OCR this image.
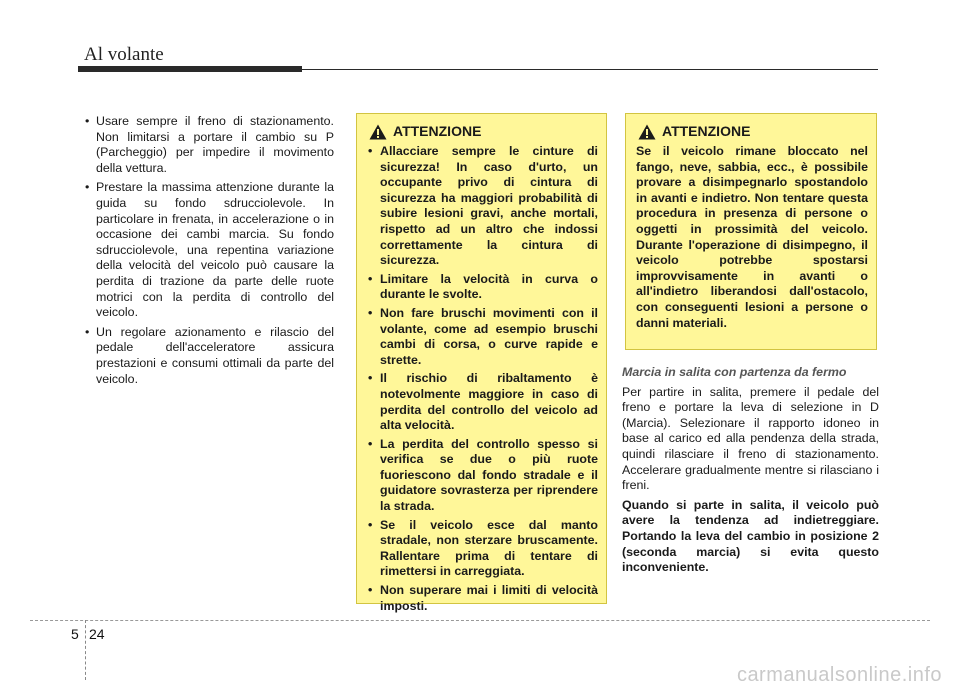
Al volante
• Usare sempre il freno di stazionamento. Non limitarsi a portare il cambio su P (Parcheggio) per impedire il movimento della vettura.
• Prestare la massima attenzione durante la guida su fondo sdrucciolevole. In particolare in frenata, in accelerazione o in occasione dei cambi marcia. Su fondo sdrucciolevole, una repentina variazione della velocità del veicolo può causare la perdita di trazione da parte delle ruote motrici con la perdita di controllo del veicolo.
• Un regolare azionamento e rilascio del pedale dell'acceleratore assicura prestazioni e consumi ottimali da parte del veicolo.
ATTENZIONE
• Allacciare sempre le cinture di sicurezza! In caso d'urto, un occupante privo di cintura di sicurezza ha maggiori probabilità di subire lesioni gravi, anche mortali, rispetto ad un altro che indossi correttamente la cintura di sicurezza.
• Limitare la velocità in curva o durante le svolte.
• Non fare bruschi movimenti con il volante, come ad esempio bruschi cambi di corsa, o curve rapide e strette.
• Il rischio di ribaltamento è notevolmente maggiore in caso di perdita del controllo del veicolo ad alta velocità.
• La perdita del controllo spesso si verifica se due o più ruote fuoriescono dal fondo stradale e il guidatore sovrasterza per riprendere la strada.
• Se il veicolo esce dal manto stradale, non sterzare bruscamente. Rallentare prima di tentare di rimettersi in carreggiata.
• Non superare mai i limiti di velocità imposti.
ATTENZIONE
Se il veicolo rimane bloccato nel fango, neve, sabbia, ecc., è possibile provare a disimpegnarlo spostandolo in avanti e indietro. Non tentare questa procedura in presenza di persone o oggetti in prossimità del veicolo. Durante l'operazione di disimpegno, il veicolo potrebbe spostarsi improvvisamente in avanti o all'indietro liberandosi dall'ostacolo, con conseguenti lesioni a persone o danni materiali.
Marcia in salita con partenza da fermo

Per partire in salita, premere il pedale del freno e portare la leva di selezione in D (Marcia). Selezionare il rapporto idoneo in base al carico ed alla pendenza della strada, quindi rilasciare il freno di stazionamento. Accelerare gradualmente mentre si rilasciano i freni.

Quando si parte in salita, il veicolo può avere la tendenza ad indietreggiare. Portando la leva del cambio in posizione 2 (seconda marcia) si evita questo inconveniente.

5 24
carmanualsonline.info
